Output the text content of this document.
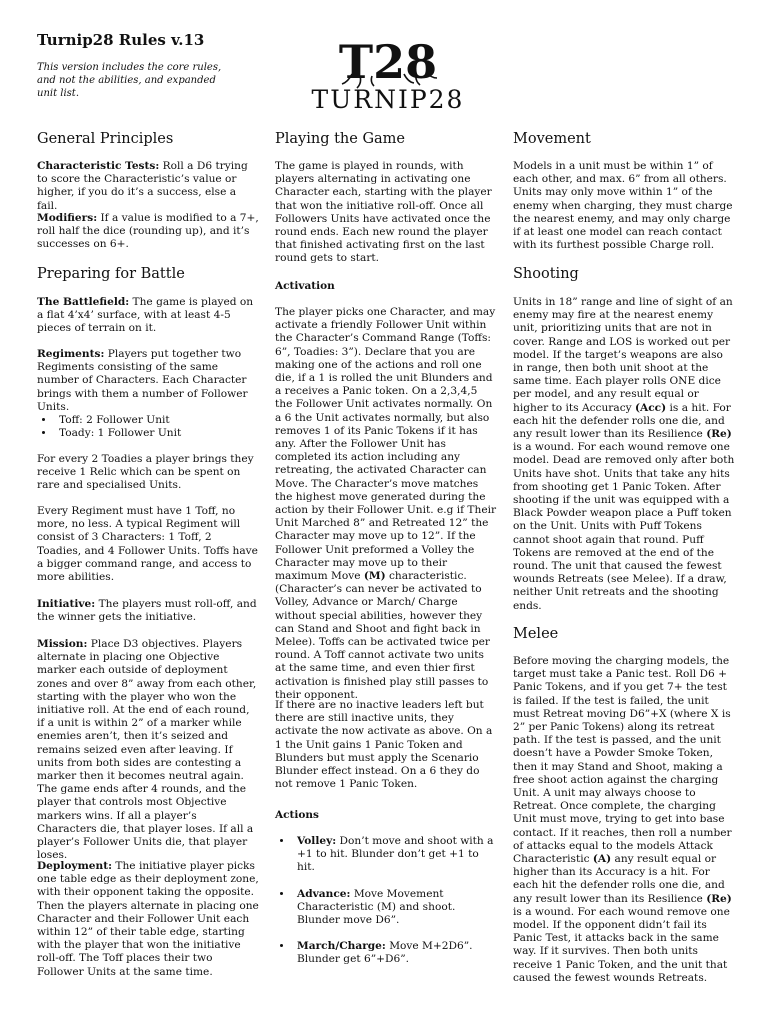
Turnip28 Rules v.13
This version includes the core rules, and not the abilities, and expanded unit list.
T28
TURNIP28
General Principles
Characteristic Tests: Roll a D6 trying to score the Characteristic’s value or higher, if you do it’s a success, else a fail.
Modifiers: If a value is modified to a 7+, roll half the dice (rounding up), and it’s successes on 6+.
Preparing for Battle
The Battlefield: The game is played on a flat 4’x4’ surface, with at least 4-5 pieces of terrain on it.
Regiments: Players put together two Regiments consisting of the same number of Characters. Each Character brings with them a number of Follower Units.
• Toff: 2 Follower Unit
• Toady: 1 Follower Unit
For every 2 Toadies a player brings they receive 1 Relic which can be spent on rare and specialised Units.
Every Regiment must have 1 Toff, no more, no less. A typical Regiment will consist of 3 Characters: 1 Toff, 2 Toadies, and 4 Follower Units. Toffs have a bigger command range, and access to more abilities.
Initiative: The players must roll-off, and the winner gets the initiative.
Mission: Place D3 objectives. Players alternate in placing one Objective marker each outside of deployment zones and over 8” away from each other, starting with the player who won the initiative roll. At the end of each round, if a unit is within 2” of a marker while enemies aren’t, then it’s seized and remains seized even after leaving. If units from both sides are contesting a marker then it becomes neutral again. The game ends after 4 rounds, and the player that controls most Objective markers wins. If all a player’s Characters die, that player loses. If all a player’s Follower Units die, that player loses.
Deployment: The initiative player picks one table edge as their deployment zone, with their opponent taking the opposite. Then the players alternate in placing one Character and their Follower Unit each within 12” of their table edge, starting with the player that won the initiative roll-off. The Toff places their two Follower Units at the same time.
Playing the Game
The game is played in rounds, with players alternating in activating one Character each, starting with the player that won the initiative roll-off. Once all Followers Units have activated once the round ends. Each new round the player that finished activating first on the last round gets to start.
Activation
The player picks one Character, and may activate a friendly Follower Unit within the Character’s Command Range (Toffs: 6”, Toadies: 3”). Declare that you are making one of the actions and roll one die, if a 1 is rolled the unit Blunders and a receives a Panic token. On a 2,3,4,5 the Follower Unit activates normally. On a 6 the Unit activates normally, but also removes 1 of its Panic Tokens if it has any. After the Follower Unit has completed its action including any retreating, the activated Character can Move. The Character’s move matches the highest move generated during the action by their Follower Unit. e.g if Their Unit Marched 8” and Retreated 12” the Character may move up to 12”. If the Follower Unit preformed a Volley the Character may move up to their maximum Move (M) characteristic. (Character’s can never be activated to Volley, Advance or March/ Charge without special abilities, however they can Stand and Shoot and fight back in Melee). Toffs can be activated twice per round. A Toff cannot activate two units at the same time, and even thier first activation is finished play still passes to their opponent.
If there are no inactive leaders left but there are still inactive units, they activate the now activate as above. On a 1 the Unit gains 1 Panic Token and Blunders but must apply the Scenario Blunder effect instead. On a 6 they do not remove 1 Panic Token.
Actions
• Volley: Don’t move and shoot with a +1 to hit. Blunder don’t get +1 to hit.
• Advance: Move Movement Characteristic (M) and shoot. Blunder move D6”.
• March/Charge: Move M+2D6”. Blunder get 6”+D6”.
Movement
Models in a unit must be within 1” of each other, and max. 6” from all others. Units may only move within 1” of the enemy when charging, they must charge the nearest enemy, and may only charge if at least one model can reach contact with its furthest possible Charge roll.
Shooting
Units in 18” range and line of sight of an enemy may fire at the nearest enemy unit, prioritizing units that are not in cover. Range and LOS is worked out per model. If the target’s weapons are also in range, then both unit shoot at the same time. Each player rolls ONE dice per model, and any result equal or higher to its Accuracy (Acc) is a hit. For each hit the defender rolls one die, and any result lower than its Resilience (Re) is a wound. For each wound remove one model. Dead are removed only after both Units have shot. Units that take any hits from shooting get 1 Panic Token. After shooting if the unit was equipped with a Black Powder weapon place a Puff token on the Unit. Units with Puff Tokens cannot shoot again that round. Puff Tokens are removed at the end of the round. The unit that caused the fewest wounds Retreats (see Melee). If a draw, neither Unit retreats and the shooting ends.
Melee
Before moving the charging models, the target must take a Panic test. Roll D6 + Panic Tokens, and if you get 7+ the test is failed. If the test is failed, the unit must Retreat moving D6”+X (where X is 2” per Panic Tokens) along its retreat path. If the test is passed, and the unit doesn’t have a Powder Smoke Token, then it may Stand and Shoot, making a free shoot action against the charging Unit. A unit may always choose to Retreat. Once complete, the charging Unit must move, trying to get into base contact. If it reaches, then roll a number of attacks equal to the models Attack Characteristic (A) any result equal or higher than its Accuracy is a hit. For each hit the defender rolls one die, and any result lower than its Resilience (Re) is a wound. For each wound remove one model. If the opponent didn’t fail its Panic Test, it attacks back in the same way. If it survives. Then both units receive 1 Panic Token, and the unit that caused the fewest wounds Retreats.
